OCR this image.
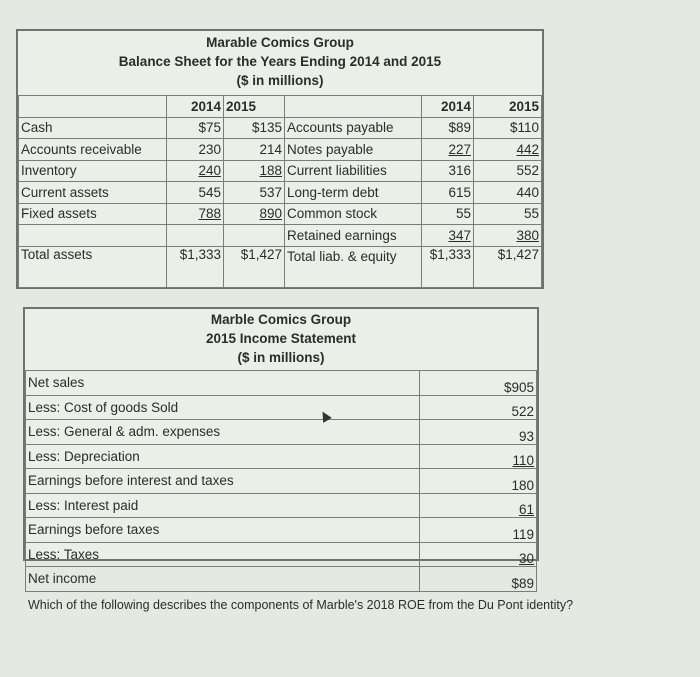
Marable Comics Group
Balance Sheet for the Years Ending 2014 and 2015
($ in millions)
	2014	2015		2014	2015
Cash	$75	$135	Accounts payable	$89	$110
Accounts receivable	230	214	Notes payable	227	442
Inventory	240	188	Current liabilities	316	552
Current assets	545	537	Long-term debt	615	440
Fixed assets	788	890	Common stock	55	55
			Retained earnings	347	380
Total assets	$1,333	$1,427	Total liab. & equity	$1,333	$1,427
Marble Comics Group
2015 Income Statement
($ in millions)
Net sales	$905
Less: Cost of goods Sold	522
Less: General & adm. expenses	93
Less: Depreciation	110
Earnings before interest and taxes	180
Less: Interest paid	61
Earnings before taxes	119
Less: Taxes	30
Net income	$89
Which of the following describes the components of Marble's 2018 ROE from the Du Pont identity?
